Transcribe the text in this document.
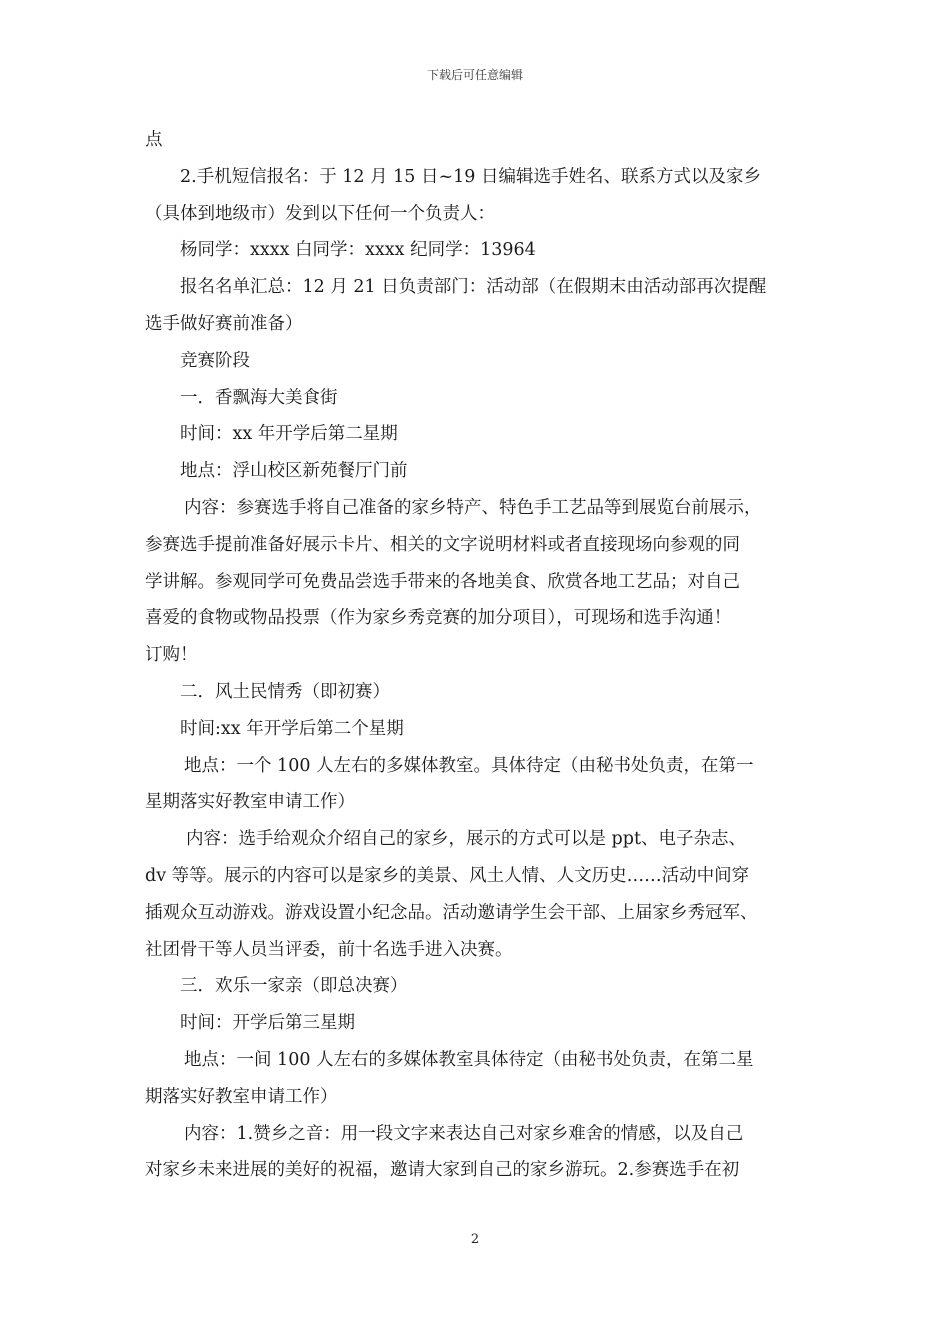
下载后可任意编辑
点
2.手机短信报名：于 12 月 15 日~19 日编辑选手姓名、联系方式以及家乡
（具体到地级市）发到以下任何一个负责人：
杨同学：xxxx 白同学：xxxx 纪同学：13964
报名名单汇总：12 月 21 日负责部门：活动部（在假期末由活动部再次提醒
选手做好赛前准备）
竞赛阶段
一．香飘海大美食街
时间：xx 年开学后第二星期
地点：浮山校区新苑餐厅门前
内容：参赛选手将自己准备的家乡特产、特色手工艺品等到展览台前展示，
参赛选手提前准备好展示卡片、相关的文字说明材料或者直接现场向参观的同
学讲解。参观同学可免费品尝选手带来的各地美食、欣赏各地工艺品；对自己
喜爱的食物或物品投票（作为家乡秀竞赛的加分项目），可现场和选手沟通！
订购！
二．风土民情秀（即初赛）
时间:xx 年开学后第二个星期
地点：一个 100 人左右的多媒体教室。具体待定（由秘书处负责，在第一
星期落实好教室申请工作）
内容：选手给观众介绍自己的家乡，展示的方式可以是 ppt、电子杂志、
dv 等等。展示的内容可以是家乡的美景、风土人情、人文历史……活动中间穿
插观众互动游戏。游戏设置小纪念品。活动邀请学生会干部、上届家乡秀冠军、
社团骨干等人员当评委，前十名选手进入决赛。
三．欢乐一家亲（即总决赛）
时间：开学后第三星期
地点：一间 100 人左右的多媒体教室具体待定（由秘书处负责，在第二星
期落实好教室申请工作）
内容：1.赞乡之音：用一段文字来表达自己对家乡难舍的情感，以及自己
对家乡未来进展的美好的祝福，邀请大家到自己的家乡游玩。2.参赛选手在初
2
